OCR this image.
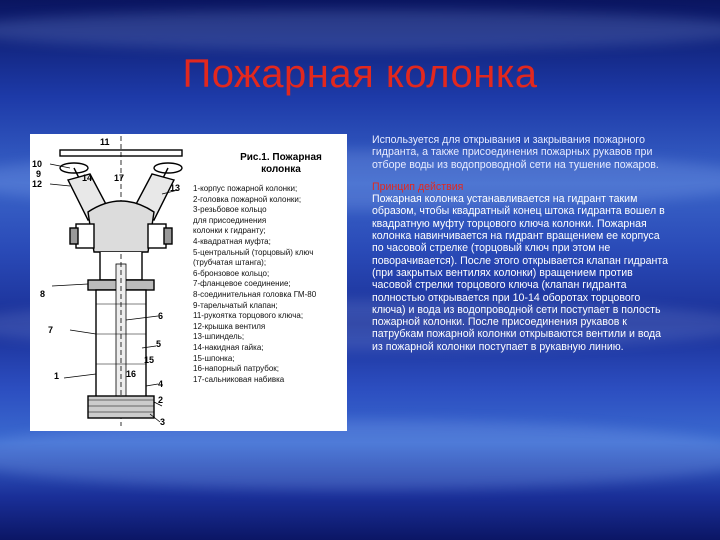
Пожарная колонка
11
10
9	14 17
12	13
8
7
6
5
15
1
4
2
3
16
Рис.1. Пожарная
колонка
1-корпус пожарной колонки;
2-головка пожарной колонки;
3-резьбовое кольцо
для присоединения
колонки к гидранту;
4-квадратная муфта;
5-центральный (торцовый) ключ
(трубчатая штанга);
6-бронзовое кольцо;
7-фланцевое соединение;
8-соединительная головка ГМ-80
9-тарельчатый клапан;
11-рукоятка торцового ключа;
12-крышка вентиля
13-шпиндель;
14-накидная гайка;
15-шпонка;
16-напорный патрубок;
17-сальниковая набивка

Используется для открывания и закрывания пожарного гидранта, а также присоединения пожарных рукавов при отборе воды из водопроводной сети на тушение пожаров.

Принцип действия

Пожарная колонка устанавливается на гидрант таким образом, чтобы квадратный конец штока гидранта вошел в квадратную муфту торцового ключа колонки. Пожарная колонка навинчивается на гидрант вращением ее корпуса по часовой стрелке (торцовый ключ при этом не поворачивается). После этого открывается клапан гидранта (при закрытых вентилях колонки) вращением против часовой стрелки торцового ключа (клапан гидранта полностью открывается при 10-14 оборотах торцового ключа) и вода из водопроводной сети поступает в полость пожарной колонки. После присоединения рукавов к патрубкам пожарной колонки открываются вентили и вода из пожарной колонки поступает в рукавную линию.
